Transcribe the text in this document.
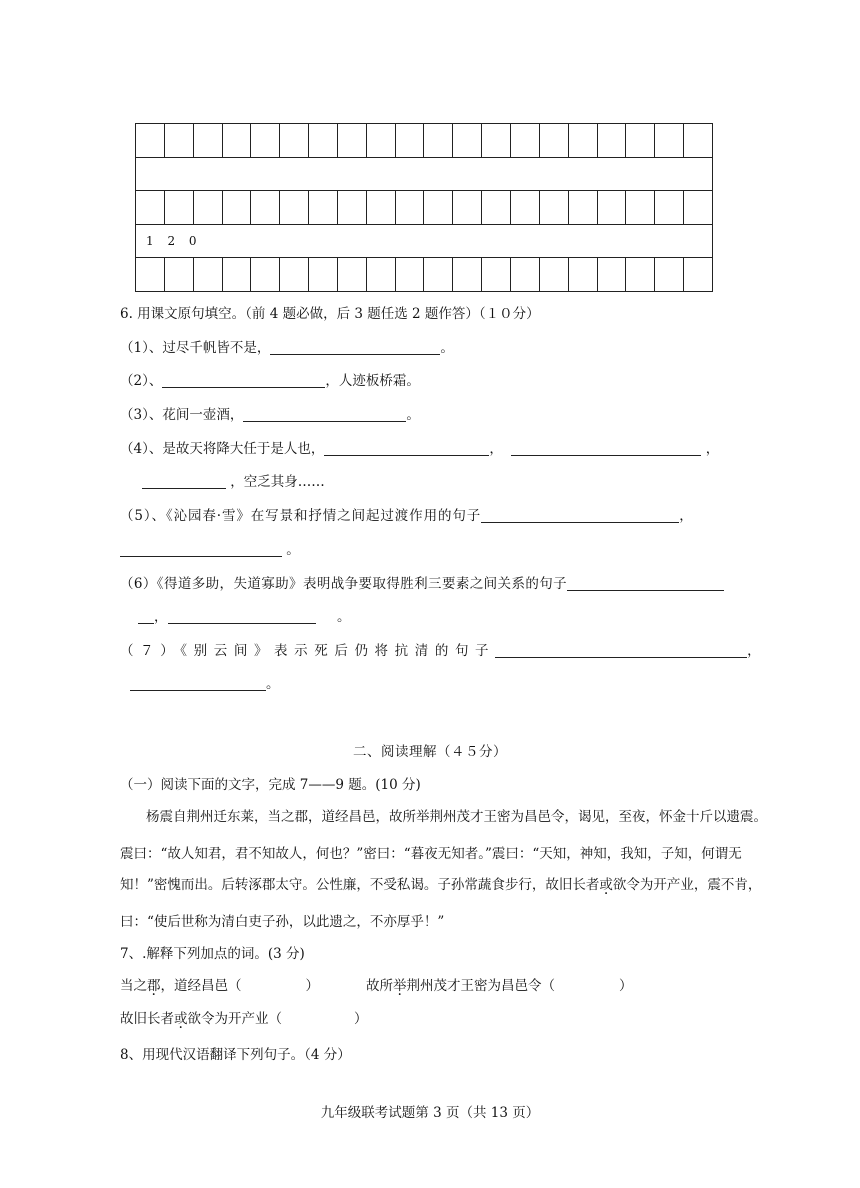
1 2 0
6. 用课文原句填空。（前 4 题必做，后 3 题任选 2 题作答）（１０分）
（1）、过尽千帆皆不是，	。
（2）、	，人迹板桥霜。
（3）、花间一壶酒，	。
（4）、是故天将降大任于是人也，	，	，
，空乏其身……
（5）、《沁园春·雪》在写景和抒情之间起过渡作用的句子	，
。
（6）《得道多助，失道寡助》表明战争要取得胜利三要素之间关系的句子
，	。
（７）《别云间》表示死后仍将抗清的句子	，
。
二、阅读理解（４５分）
（一）阅读下面的文字，完成 7——9 题。(10 分)
杨震自荆州迁东莱，当之郡，道经昌邑，故所举荆州茂才王密为昌邑令，谒见，至夜，怀金十斤以遗震。
震曰：“故人知君，君不知故人，何也？”密曰：“暮夜无知者。”震曰：“天知，神知，我知，子知，何谓无
知！”密愧而出。后转涿郡太守。公性廉，不受私谒。子孙常蔬食步行，故旧长者或欲令为开产业，震不肯，
曰：“使后世称为清白吏子孙，以此遗之，不亦厚乎！”
7、.解释下列加点的词。(3 分)
当之郡，道经昌邑（	）	故所举荆州茂才王密为昌邑令（	）
故旧长者或欲令为开产业（	）
8、用现代汉语翻译下列句子。（4 分）
九年级联考试题第 3 页（共 13 页）
